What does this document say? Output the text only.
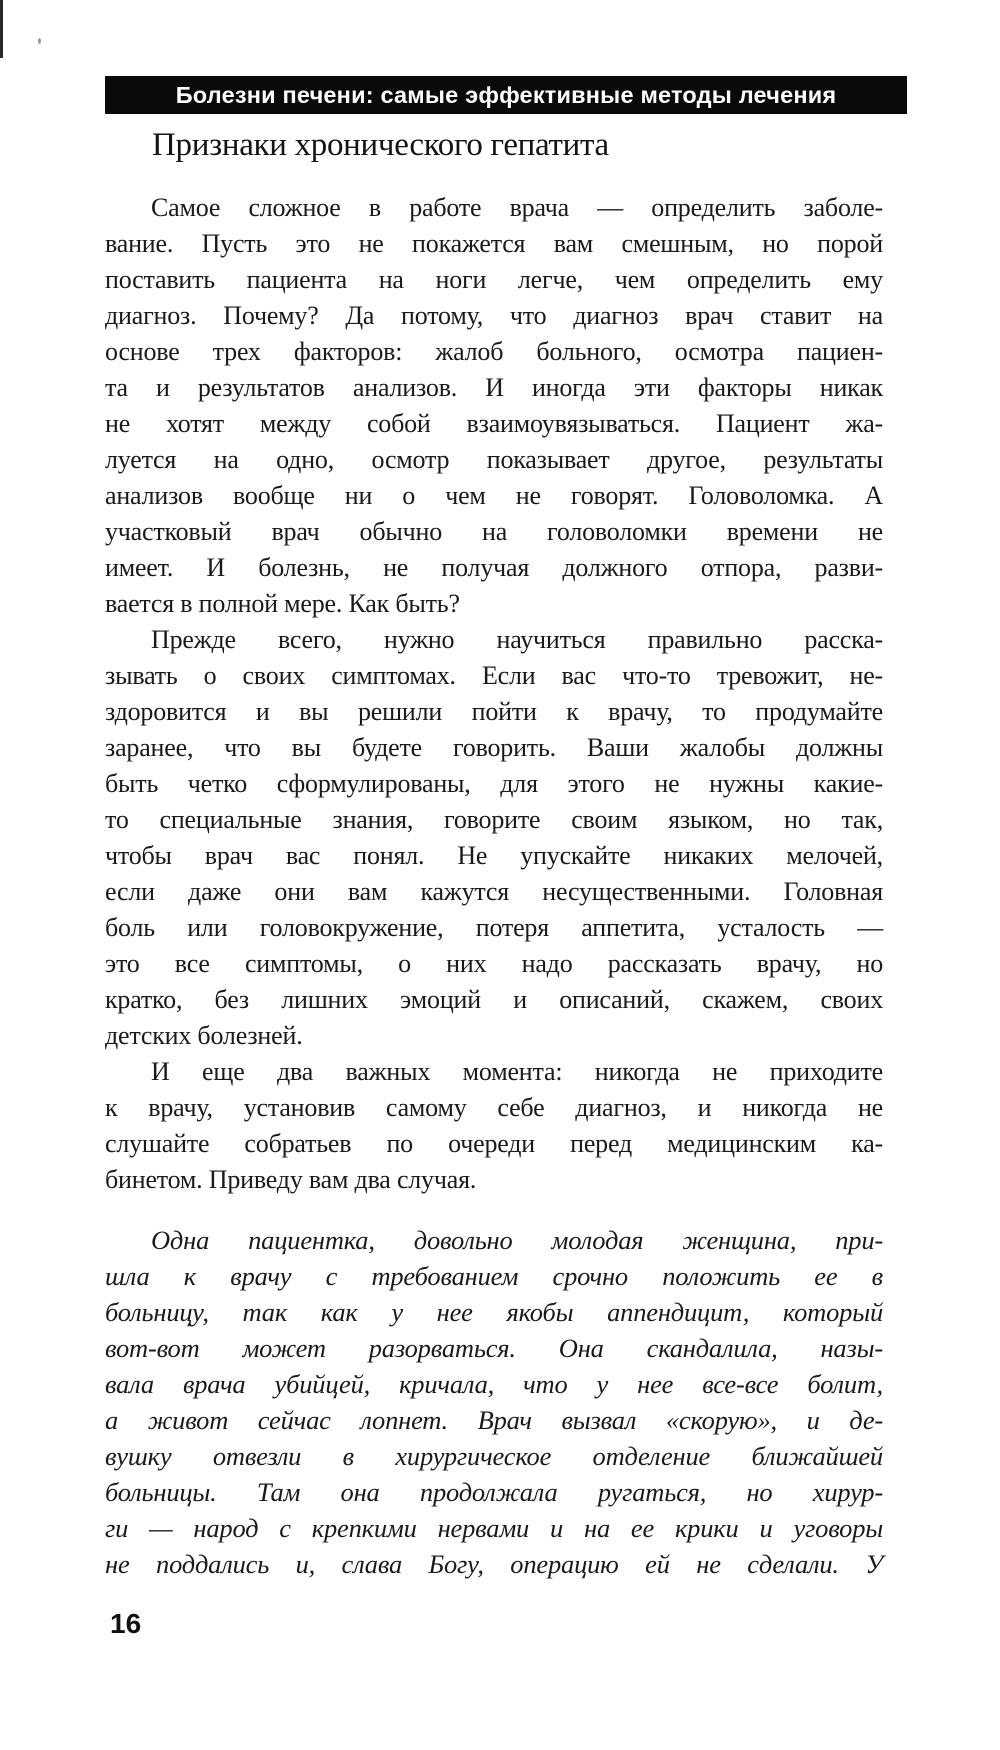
Болезни печени: самые эффективные методы лечения
Признаки хронического гепатита
Самое сложное в работе врача — определить заболе-
вание. Пусть это не покажется вам смешным, но порой
поставить пациента на ноги легче, чем определить ему
диагноз. Почему? Да потому, что диагноз врач ставит на
основе трех факторов: жалоб больного, осмотра пациен-
та и результатов анализов. И иногда эти факторы никак
не хотят между собой взаимоувязываться. Пациент жа-
луется на одно, осмотр показывает другое, результаты
анализов вообще ни о чем не говорят. Головоломка. А
участковый врач обычно на головоломки времени не
имеет. И болезнь, не получая должного отпора, разви-
вается в полной мере. Как быть?
Прежде всего, нужно научиться правильно расска-
зывать о своих симптомах. Если вас что-то тревожит, не-
здоровится и вы решили пойти к врачу, то продумайте
заранее, что вы будете говорить. Ваши жалобы должны
быть четко сформулированы, для этого не нужны какие-
то специальные знания, говорите своим языком, но так,
чтобы врач вас понял. Не упускайте никаких мелочей,
если даже они вам кажутся несущественными. Головная
боль или головокружение, потеря аппетита, усталость —
это все симптомы, о них надо рассказать врачу, но
кратко, без лишних эмоций и описаний, скажем, своих
детских болезней.
И еще два важных момента: никогда не приходите
к врачу, установив самому себе диагноз, и никогда не
слушайте собратьев по очереди перед медицинским ка-
бинетом. Приведу вам два случая.
Одна пациентка, довольно молодая женщина, при-
шла к врачу с требованием срочно положить ее в
больницу, так как у нее якобы аппендицит, который
вот-вот может разорваться. Она скандалила, назы-
вала врача убийцей, кричала, что у нее все-все болит,
а живот сейчас лопнет. Врач вызвал «скорую», и де-
вушку отвезли в хирургическое отделение ближайшей
больницы. Там она продолжала ругаться, но хирур-
ги — народ с крепкими нервами и на ее крики и уговоры
не поддались и, слава Богу, операцию ей не сделали. У
16
